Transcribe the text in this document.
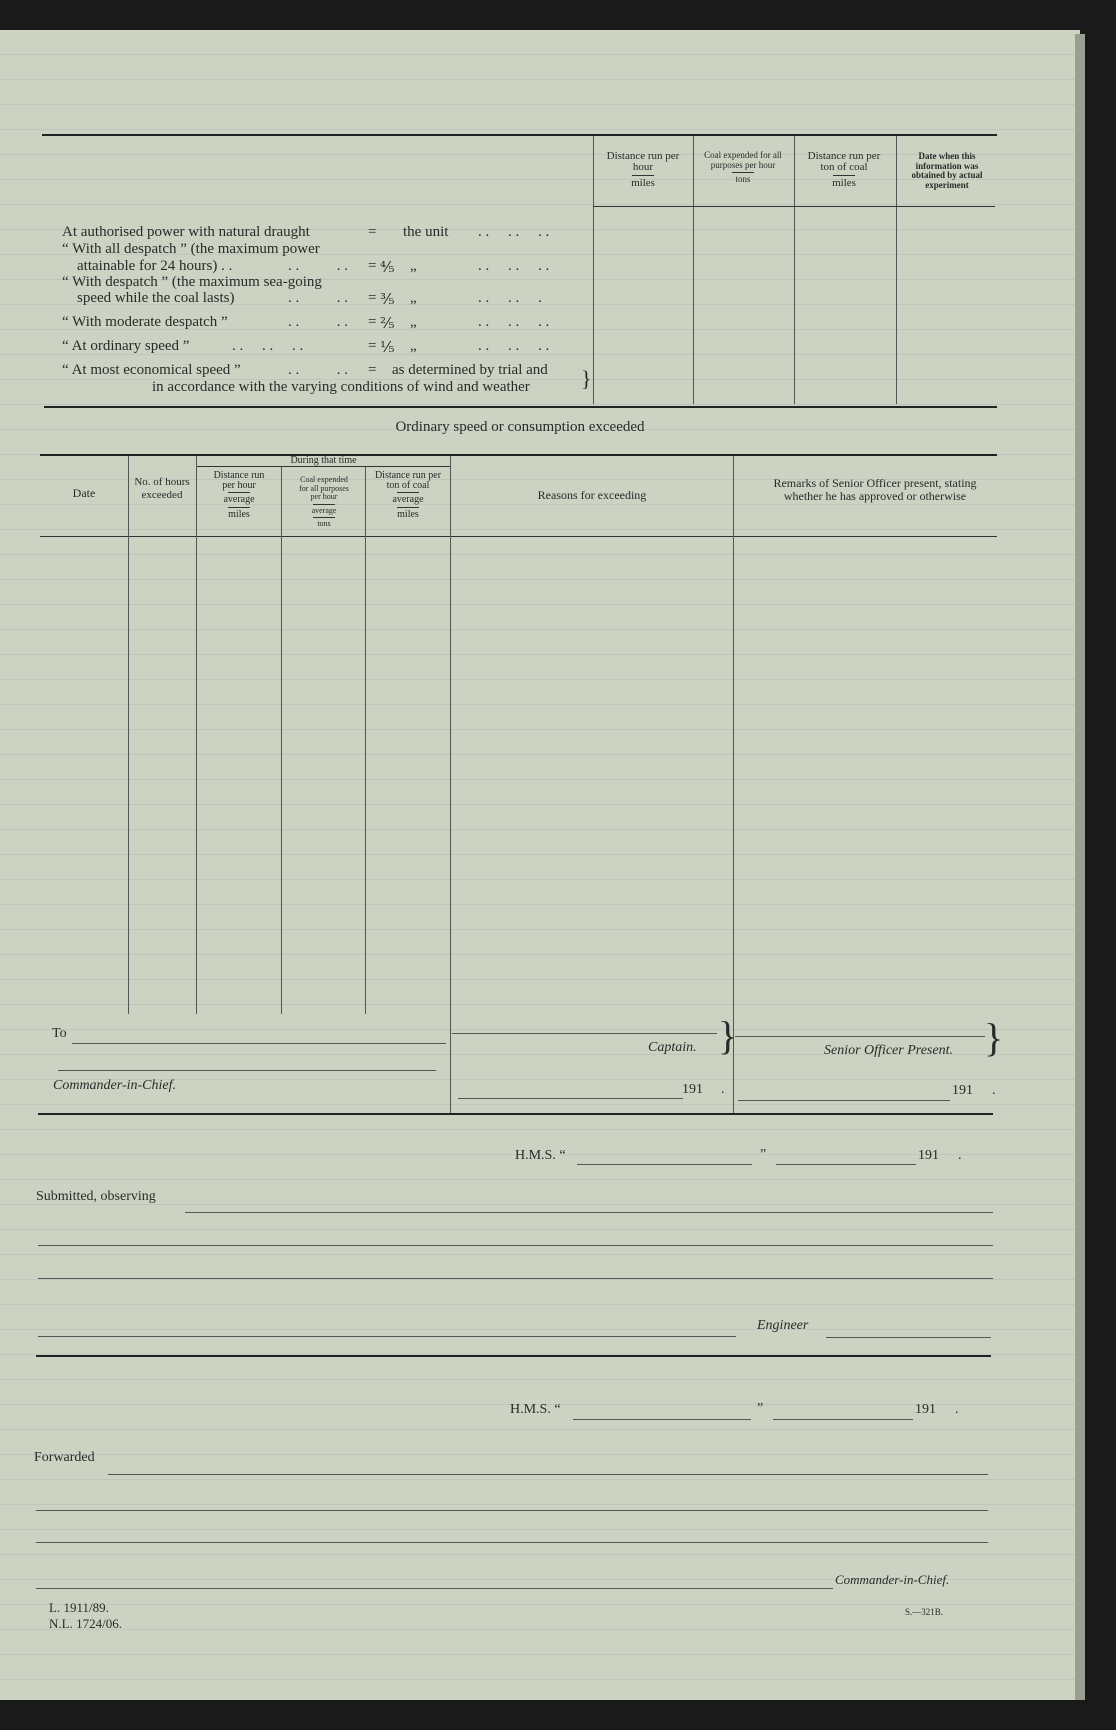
Distance run per hour
miles
Coal expended for all purposes per hour
tons
Distance run per ton of coal
miles
Date when this information was obtained by actual experiment
At authorised power with natural draught	= the unit . .     . .     . .
“ With all despatch ” (the maximum power
attainable for 24 hours) . .	. .          . . = ⅘ „	. .     . .     . .
“ With despatch ” (the maximum sea-going
speed while the coal lasts)	. .          . . = ⅗ „	. .     . .     .
“ With moderate despatch ”	. .          . . = ⅖ „	. .     . .     . .
“ At ordinary speed ”	. .     . .     . .	= ⅕ „	. .     . .     . .
“ At most economical speed ”	. .          . . = as determined by trial and
in accordance with the varying conditions of wind and weather }
Ordinary speed or consumption exceeded
Date
No. of hours exceeded
During that time
Distance run per hour
average
miles
Coal expended for all purposes per hour
average
tons
Distance run per ton of coal
average
miles
Reasons for exceeding
Remarks of Senior Officer present, stating whether he has approved or otherwise
To
Commander-in-Chief.
Captain. }
191 .
Senior Officer Present. }
191 .
H.M.S. “	”	191 .
Submitted, observing
Engineer
H.M.S. “	”	191 .
Forwarded
Commander-in-Chief.
L. 1911/89.
N.L. 1724/06.
S.—321B.
